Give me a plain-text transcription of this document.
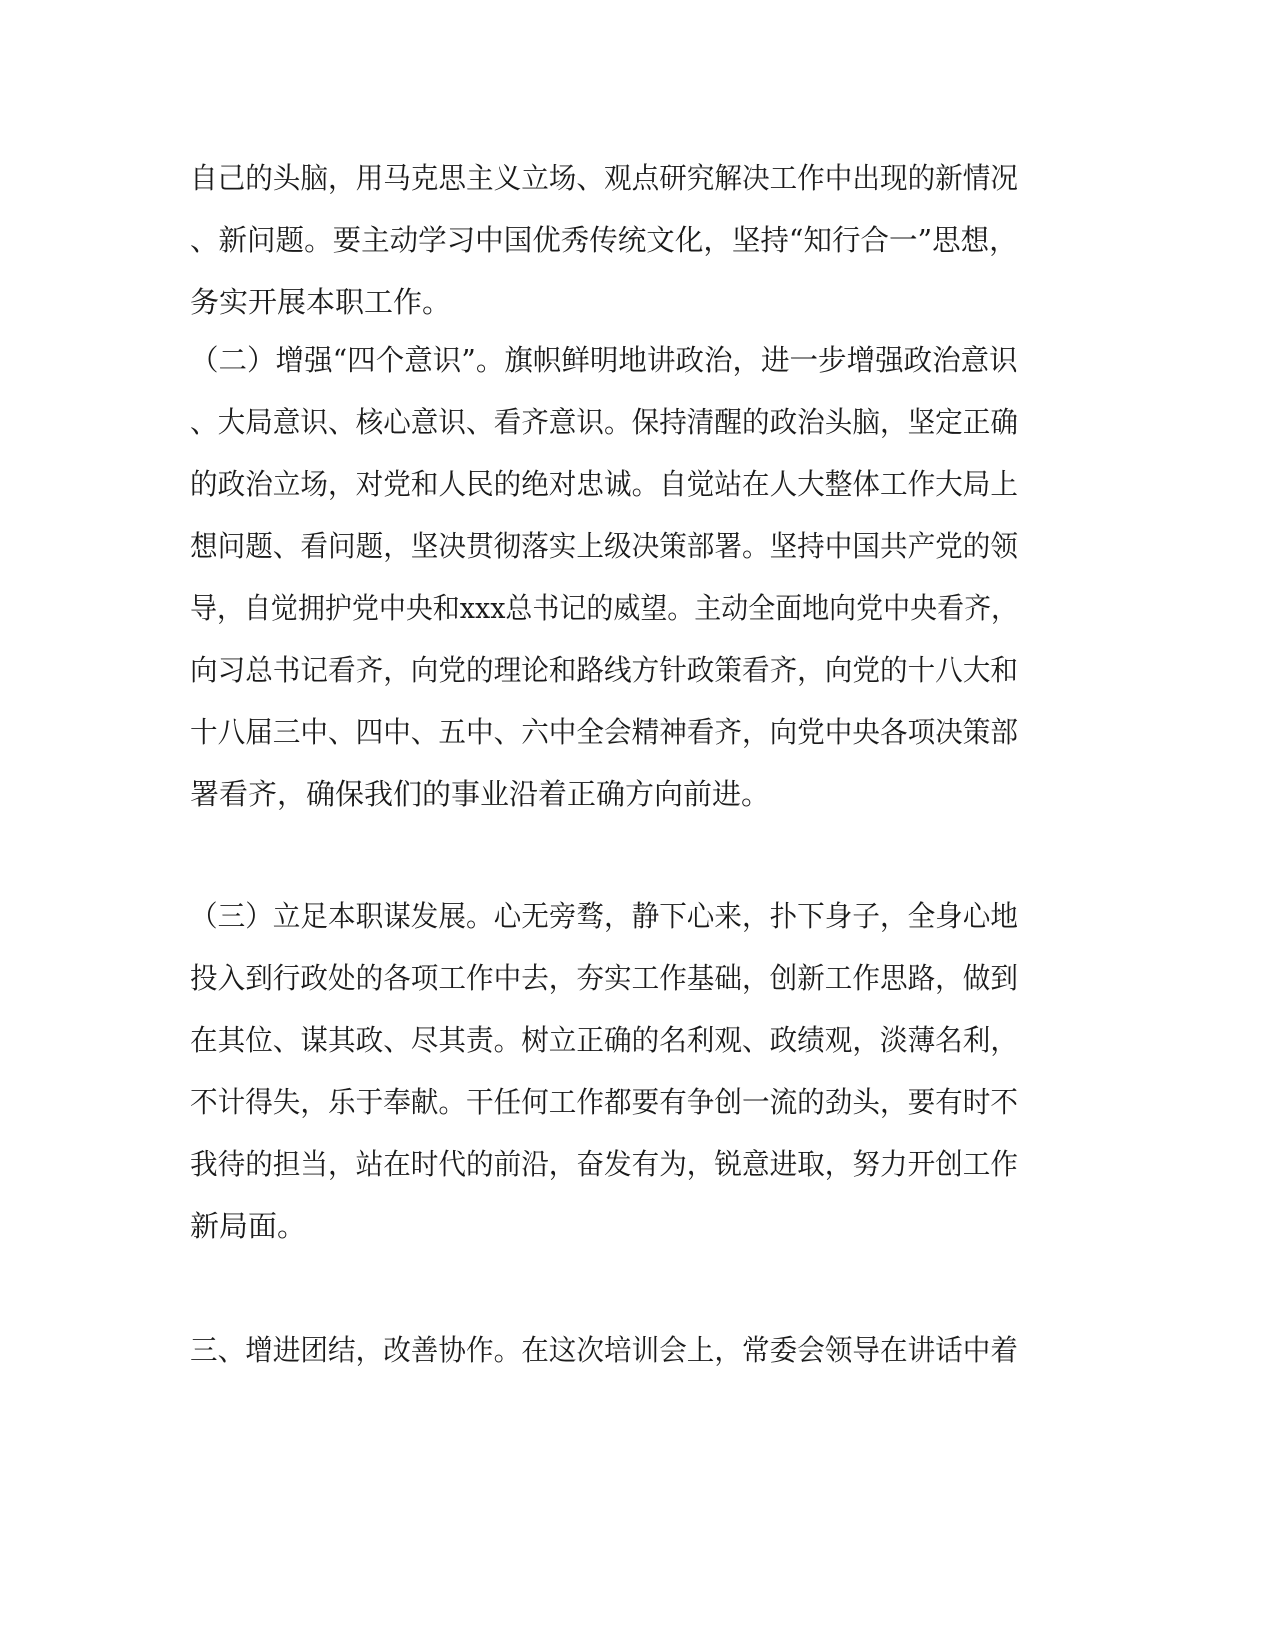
自己的头脑，用马克思主义立场、观点研究解决工作中出现的新情况
、新问题。要主动学习中国优秀传统文化，坚持“知行合一”思想，
务实开展本职工作。
（二）增强“四个意识”。旗帜鲜明地讲政治，进一步增强政治意识
、大局意识、核心意识、看齐意识。保持清醒的政治头脑，坚定正确
的政治立场，对党和人民的绝对忠诚。自觉站在人大整体工作大局上
想问题、看问题，坚决贯彻落实上级决策部署。坚持中国共产党的领
导，自觉拥护党中央和xxx总书记的威望。主动全面地向党中央看齐，
向习总书记看齐，向党的理论和路线方针政策看齐，向党的十八大和
十八届三中、四中、五中、六中全会精神看齐，向党中央各项决策部
署看齐，确保我们的事业沿着正确方向前进。
（三）立足本职谋发展。心无旁骛，静下心来，扑下身子，全身心地
投入到行政处的各项工作中去，夯实工作基础，创新工作思路，做到
在其位、谋其政、尽其责。树立正确的名利观、政绩观，淡薄名利，
不计得失，乐于奉献。干任何工作都要有争创一流的劲头，要有时不
我待的担当，站在时代的前沿，奋发有为，锐意进取，努力开创工作
新局面。
三、增进团结，改善协作。在这次培训会上，常委会领导在讲话中着
